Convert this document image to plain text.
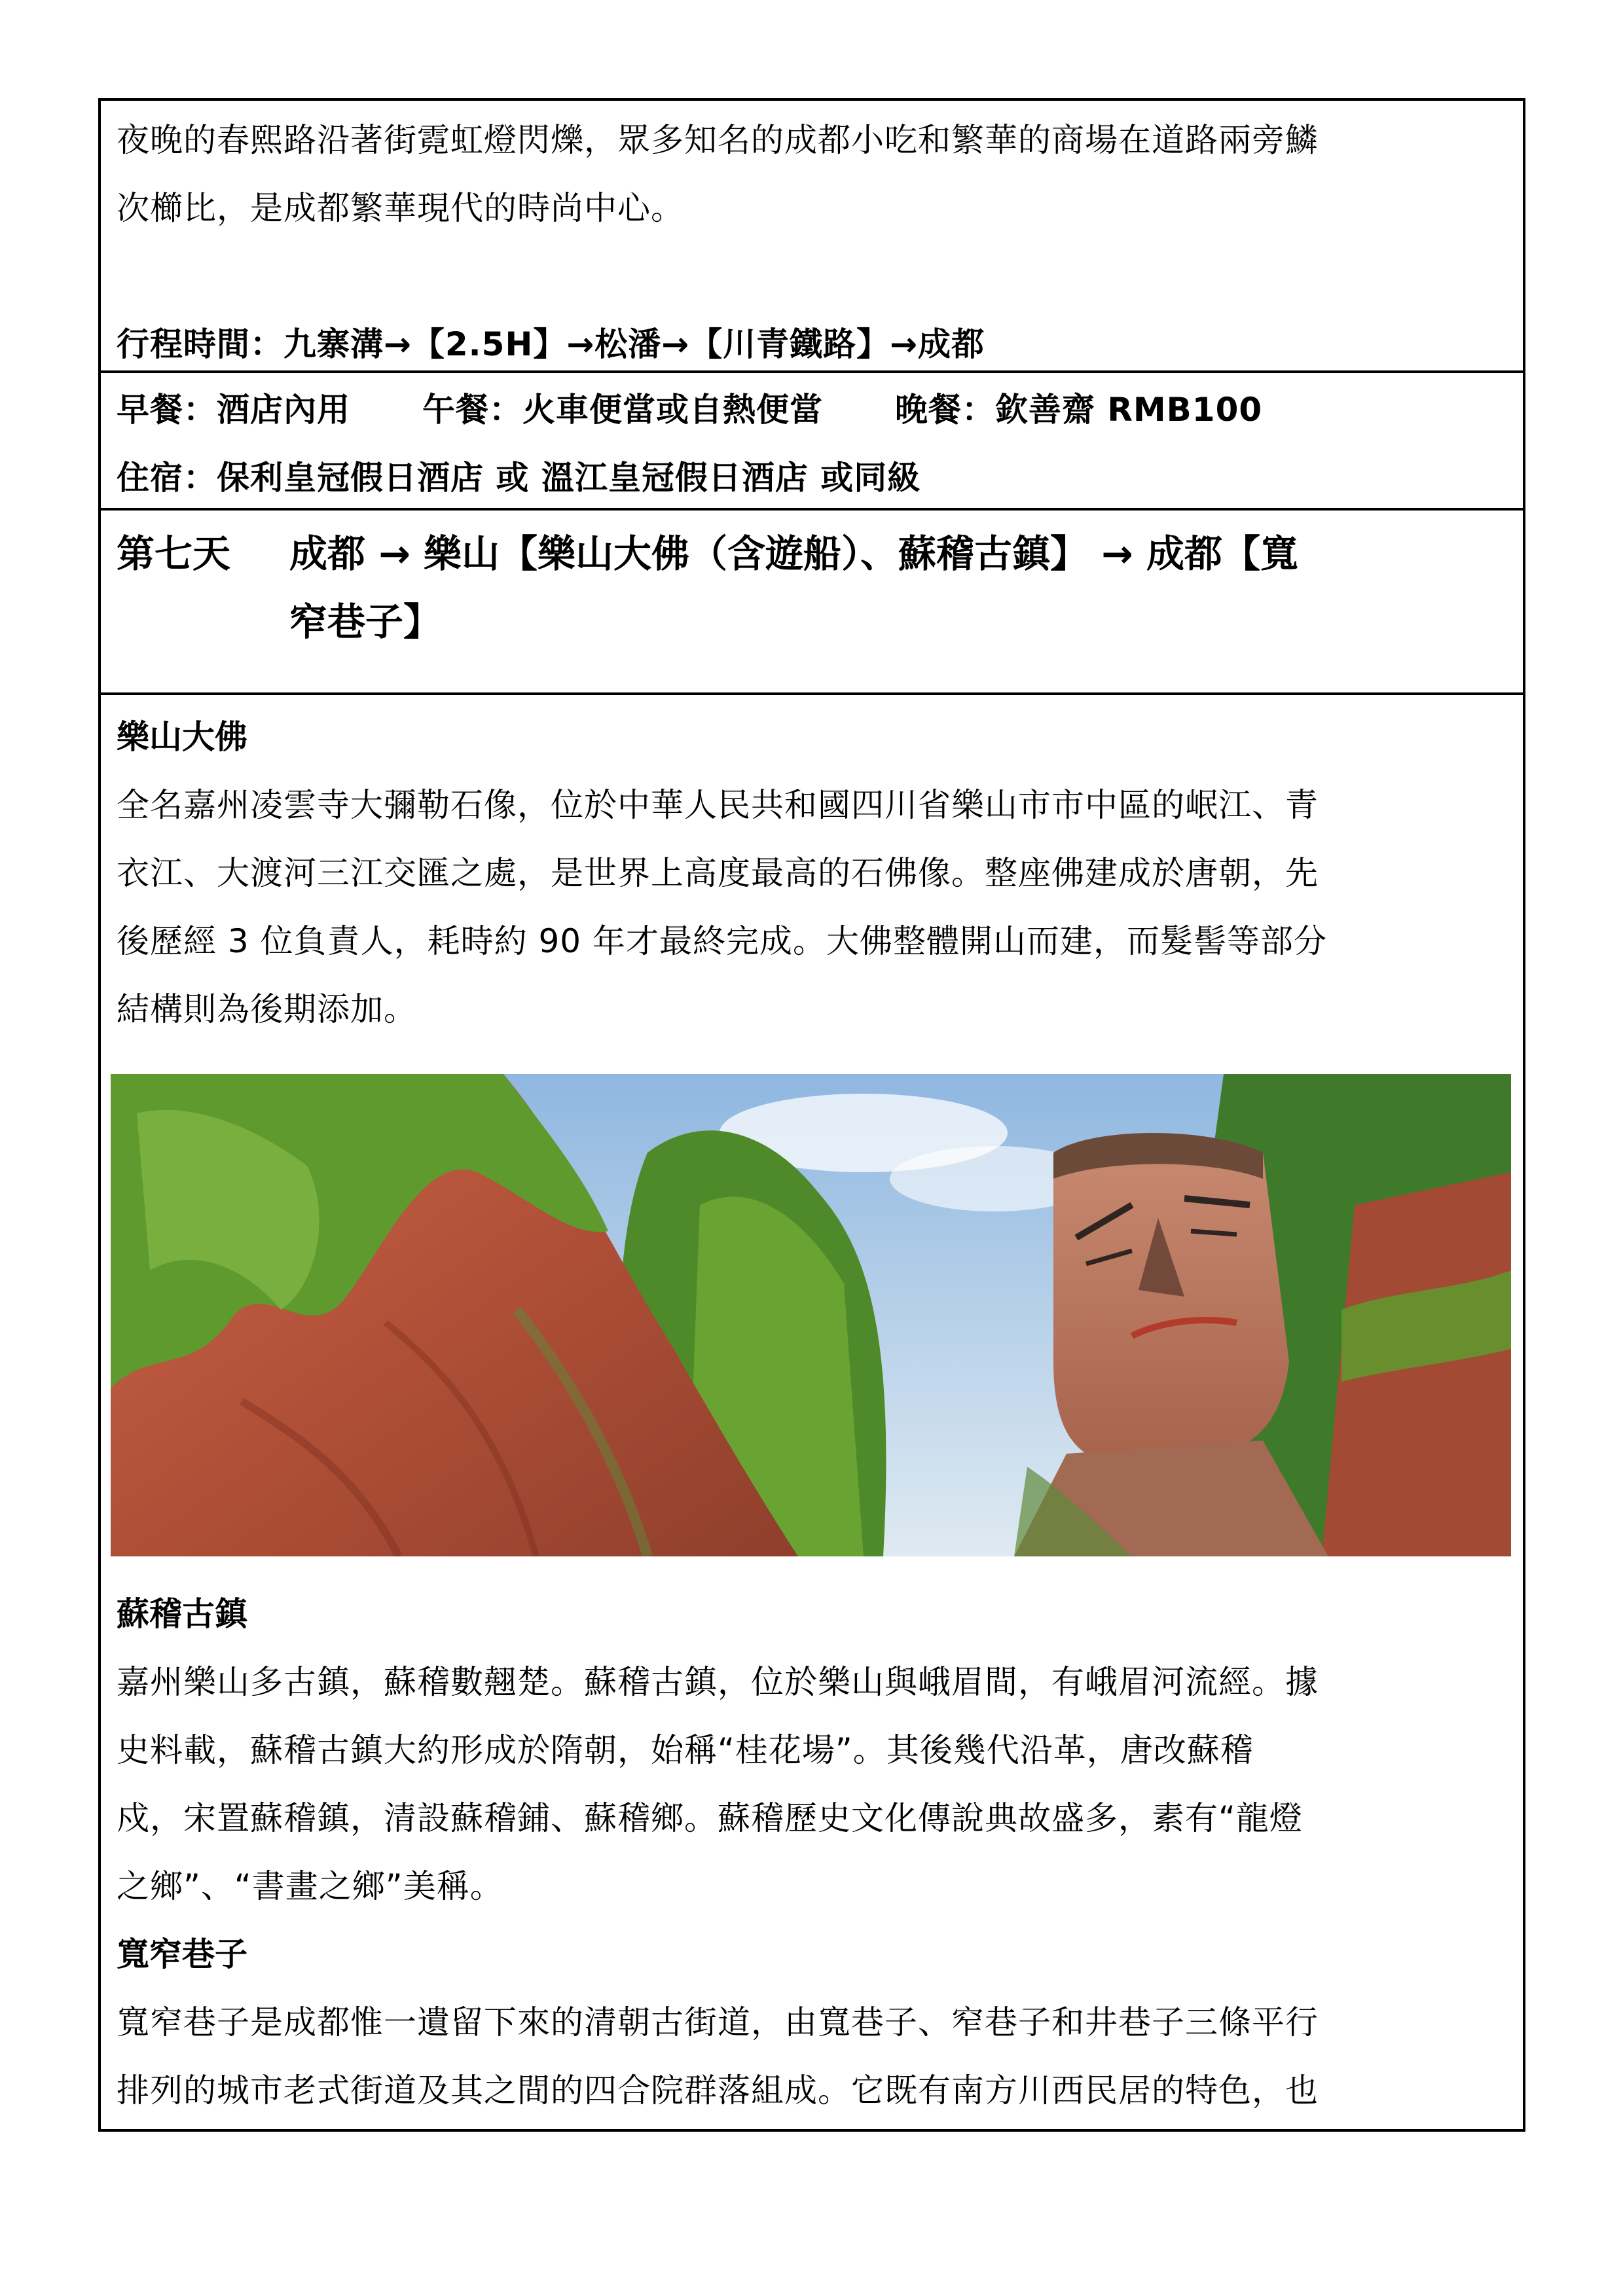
夜晚的春熙路沿著街霓虹燈閃爍，眾多知名的成都小吃和繁華的商場在道路兩旁鱗

次櫛比，是成都繁華現代的時尚中心。

行程時間：九寨溝→【2.5H】→松潘→【川青鐵路】→成都

早餐：酒店內用 午餐：火車便當或自熱便當 晚餐：欽善齋 RMB100

住宿：保利皇冠假日酒店 或 溫江皇冠假日酒店 或同級

第七天	成都 → 樂山【樂山大佛（含遊船）、蘇稽古鎮】 → 成都【寬
窄巷子】

樂山大佛

全名嘉州凌雲寺大彌勒石像，位於中華人民共和國四川省樂山市市中區的岷江、青

衣江、大渡河三江交匯之處，是世界上高度最高的石佛像。整座佛建成於唐朝，先

後歷經 3 位負責人，耗時約 90 年才最終完成。大佛整體開山而建，而髮髻等部分

結構則為後期添加。

蘇稽古鎮

嘉州樂山多古鎮，蘇稽數翹楚。蘇稽古鎮，位於樂山與峨眉間，有峨眉河流經。據

史料載，蘇稽古鎮大約形成於隋朝，始稱“桂花場”。其後幾代沿革，唐改蘇稽

戍，宋置蘇稽鎮，清設蘇稽鋪、蘇稽鄉。蘇稽歷史文化傳說典故盛多，素有“龍燈

之鄉”、“書畫之鄉”美稱。

寬窄巷子

寬窄巷子是成都惟一遺留下來的清朝古街道，由寬巷子、窄巷子和井巷子三條平行

排列的城市老式街道及其之間的四合院群落組成。它既有南方川西民居的特色，也
